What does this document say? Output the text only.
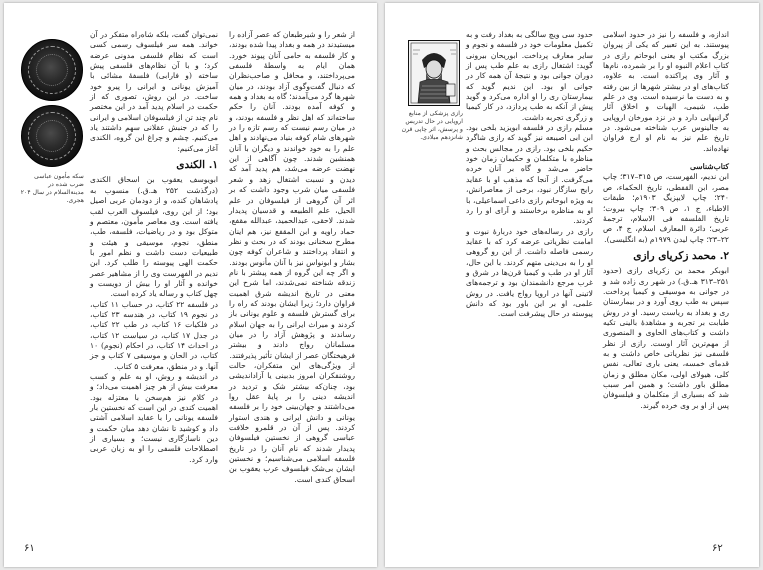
از شعر را و شیرطبعان که عصر آزاده را میستیدند در همه و بغداد پیدا شده بودند، و کار فلسفه به حامی آنان پیوند خورد. همان ایام به واسطهٔ فلسفی می‌پرداختند، و محافل و صاحب‌نظران که دنبال گفت‌وگوی آزاد بودند، در میان شهرها گرد می‌آمدند؛ گاه به بغداد و همه و کوفه آمده بودند. آنان را حکم ساخته‌اند که اهل نظر و فلسفه بودند، و در میان رسم نیست که رسم تازه را در شهرهای شام کوفه بنیاد می‌نهادند و اهل علم را به خود خواندند و دیگران با آنان همنشین شدند. چون آگاهی از این نهضت عرضه می‌شد، هم پدید آمد که دیدن و نسبت اشتغال زهد و شعر فلسفی میان شرب وجود داشت که بر اثر آن گروهی از فیلسوفان در علم الحیل، علم الطبیعه و قدسیان پدیدار شدند. لاحقی، عبدالحمید، عبدالله مقفع، حماد راویه و ابن المقفع نیز، هم اینان مطرح سخنانی بودند که در بحث و نظر و انتقاد پرداختند و شاعران کوفه چون بشار و ابونواس نیز با آنان مأنوس بودند.

و اگر چه این گروه از همه پیشتر با نام زندقه شناخته نمی‌شدند، اما شرح این معنی در تاریخ اندیشه شرق اهمیت فراوان دارد؛ زیرا ایشان بودند که راه را برای گسترش فلسفه و علوم یونانی باز کردند و میراث ایرانی را به جهان اسلام رساندند و پژوهش آزاد را در میان مسلمانان رواج دادند و بیشتر فرهیختگان عصر از ایشان تأثیر پذیرفتند.

از ویژگی‌های این متفکران، حالت روشنفکران امروز بدبینی یا آزاداندیشی بود، چنان‌که بیشتر شک و تردید در اندیشه دینی را بر پایهٔ عقل روا می‌داشتند و جهان‌بینی خود را بر فلسفه یونانی و دانش ایرانی و هندی استوار کردند. پس از آن در قلمرو خلافت عباسی گروهی از نخستین فیلسوفان پدیدار شدند که نام آنان را در تاریخ فلسفه اسلامی می‌شناسیم؛ و نخستین ایشان بی‌شک فیلسوف عرب یعقوب بن اسحاق کندی است.

نمی‌توان گفت، بلکه شاه‌راه متفکر در آن خواند. همه سر فیلسوف رسمی کسی است که نظام فلسفی مدونی عرضه کرد؛ و با آن نظام‌های فلسفی پیش ساخته (و فارابی) فلسفهٔ مشائی با آمیزش یونانی و ایرانی را پیرو خود ساخت. در این روش، تصوری که از حکمت در اسلام پدید آمد در این مختصر نام چند تن از فیلسوفان اسلامی و ایرانی را که در جنبش عقلانی سهم داشتند یاد می‌کنیم. چشم و چراغ این گروه، الکندی آغاز می‌کنیم:

۱. الکندی

ابویوسف یعقوب بن اسحاق الکندی (درگذشت ۲۵۲ هـ.ق.) منسوب به پادشاهان کنده، و از دودمان عربی اصیل بود؛ از این روی، فیلسوف العرب لقب یافته است. وی معاصر مأمون، معتصم و متوکل بود و در ریاضیات، فلسفه، طب، منطق، نجوم، موسیقی و هیئت و طبیعیات دست داشت و نظم امور با حکمت الهی پیوسته را طلب کرد. ابن ندیم در الفهرست وی را از مشاهیر عصر خوانده و آثار او را بیش از دویست و چهل کتاب و رساله یاد کرده است.

در فلسفه ۲۲ کتاب، در حساب ۱۱ کتاب، در نجوم ۱۹ کتاب، در هندسه ۲۳ کتاب، در فلکیات ۱۶ کتاب، در طب ۲۲ کتاب، در جدل ۱۷ کتاب، در سیاست ۱۲ کتاب، در احداث ۱۴ کتاب، در احکام (نجوم) ۱۰ کتاب، در الحان و موسیقی ۷ کتاب و جز آنها. و در منطق، معرفت ۵ کتاب.

در اندیشه و روش، او به علم و کسب معرفت بیش از هر چیز اهمیت می‌داد؛ و در کلام نیز هم‌سخن با معتزله بود. اهمیت کندی در این است که نخستین بار فلسفه یونانی را با عقاید اسلامی آشتی داد و کوشید تا نشان دهد میان حکمت و دین ناسازگاری نیست؛ و بسیاری از اصطلاحات فلسفی را او به زبان عربی وارد کرد.

سکه مأمون عباسی ضرب شده در مدینةالسلام در سال ۲۰۴ هجری.
۶۱

اندازه، و فلسفه را نیز در حدود اسلامی پیوستند. به این تعبیر که یکی از پیروان بزرگ مکتب او یعنی ابوحاتم رازی در کتاب اعلام النبوه او را بر شمرده، نام‌ها و آثار وی پراکنده است. به علاوه، کتاب‌های او در بیشتر شهرها از بین رفته و به دست ما نرسیده است. وی در علم طب، شیمی، الهیات و اخلاق آثار گرانبهایی دارد و در نزد مورخان اروپایی به جالینوس عرب شناخته می‌شود. در تاریخ علم نیز به نام او ارج فراوان نهاده‌اند.

کتاب‌شناسی

ابن ندیم، الفهرست، ص ۳۱۵–۳۱۷؛ چاپ مصر، ابن القفطی، تاریخ الحکماء، ص ۲۴۰؛ چاپ لایپزیگ ۱۹۰۳م؛ طبقات الاطباء، ج ۱، ص ۳۰۹؛ چاپ بیروت؛ تاریخ الفلسفه فی الاسلام، ترجمهٔ عربی؛ دائرة المعارف اسلام، ج ۴، ص ۲۲–۲۳؛ چاپ لیدن ۱۹۷۹م (به انگلیسی).

۲. محمد زکریای رازی

ابوبکر محمد بن زکریای رازی (حدود ۲۵۱–۳۱۳ هـ.ق.) در شهر ری زاده شد و در جوانی به موسیقی و کیمیا پرداخت. سپس به طب روی آورد و در بیمارستان ری و بغداد به ریاست رسید. او در روش طبابت بر تجربه و مشاهدهٔ بالینی تکیه داشت و کتاب‌های الحاوی و المنصوری از مهم‌ترین آثار اوست. رازی از نظر فلسفی نیز نظریاتی خاص داشت و به قدمای خمسه، یعنی باری تعالی، نفس کلی، هیولای اولی، مکان مطلق و زمان مطلق باور داشت؛ و همین امر سبب شد که بسیاری از متکلمان و فیلسوفان پس از او بر وی خرده گیرند.

حدود سی ویچ سالگی به بغداد رفت و به تکمیل معلومات خود در فلسفه و نجوم و سایر معارف پرداخت. ابوریحان بیرونی گوید: اشتغال رازی به علم طب پس از دوران جوانی بود و نتیجهٔ آن همه کار در جوانی او بود. ابن ندیم گوید که بیمارستان ری را او اداره می‌کرد و گوید پیش از آنکه به طب پردازد، در کار کیمیا و زرگری تجربه داشت.

مسلم رازی در فلسفه ابویزید بلخی بود. ابن ابی اصیبعه نیز گوید که رازی شاگرد حکیم بلخی بود. رازی در مجالس بحث و مناظره با متکلمان و حکیمان زمان خود حاضر می‌شد و گاه بر آنان خرده می‌گرفت. از آنجا که مذهب او با عقاید رایج سازگار نبود، برخی از معاصرانش، به ویژه ابوحاتم رازی داعی اسماعیلی، با او به مناظره برخاستند و آرای او را رد کردند.

رازی در رساله‌های خود دربارهٔ نبوت و امامت نظریاتی عرضه کرد که با عقاید رسمی فاصله داشت. از این رو گروهی او را به بی‌دینی متهم کردند. با این حال، آثار او در طب و کیمیا قرن‌ها در شرق و غرب مرجع دانشمندان بود و ترجمه‌های لاتینی آنها در اروپا رواج یافت. در روش علمی، او بر این باور بود که دانش پیوسته در حال پیشرفت است.

رازی پزشکی از منابع اروپایی در حال تدریس و پرسش، اثر چاپی قرن شانزدهم میلادی.
۶۲
